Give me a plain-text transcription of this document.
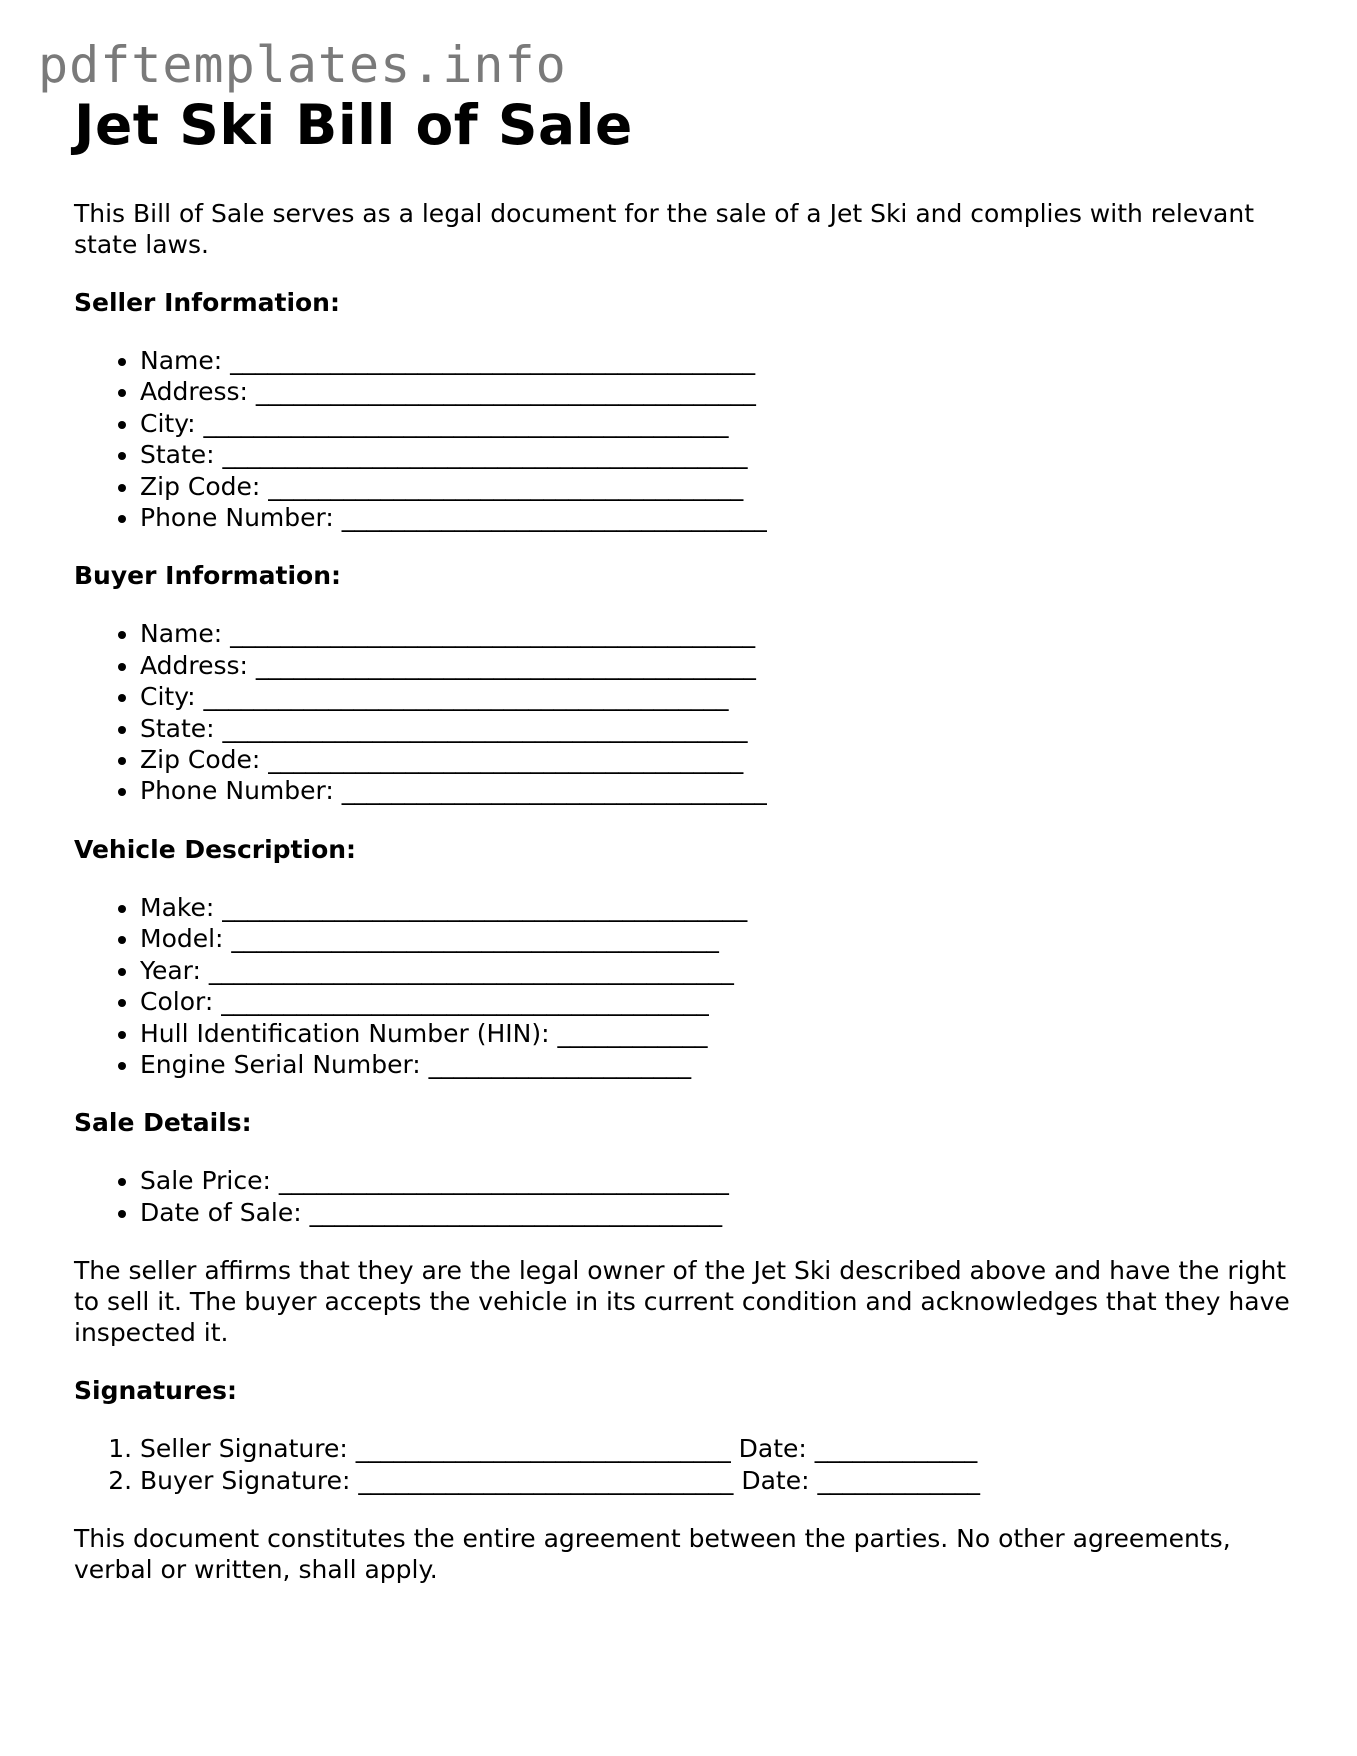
pdftemplates.info
Jet Ski Bill of Sale

This Bill of Sale serves as a legal document for the sale of a Jet Ski and complies with relevant state laws.

Seller Information:
• Name: __________________________________________
• Address: ________________________________________
• City: __________________________________________
• State: __________________________________________
• Zip Code: ______________________________________
• Phone Number: __________________________________
Buyer Information:
• Name: __________________________________________
• Address: ________________________________________
• City: __________________________________________
• State: __________________________________________
• Zip Code: ______________________________________
• Phone Number: __________________________________
Vehicle Description:
• Make: __________________________________________
• Model: _______________________________________
• Year: __________________________________________
• Color: _______________________________________
• Hull Identification Number (HIN): ____________
• Engine Serial Number: _____________________
Sale Details:
• Sale Price: ____________________________________
• Date of Sale: _________________________________

The seller affirms that they are the legal owner of the Jet Ski described above and have the right to sell it. The buyer accepts the vehicle in its current condition and acknowledges that they have inspected it.

Signatures:
1. Seller Signature: ______________________________ Date: _____________
2. Buyer Signature: ______________________________ Date: _____________

This document constitutes the entire agreement between the parties. No other agreements, verbal or written, shall apply.
